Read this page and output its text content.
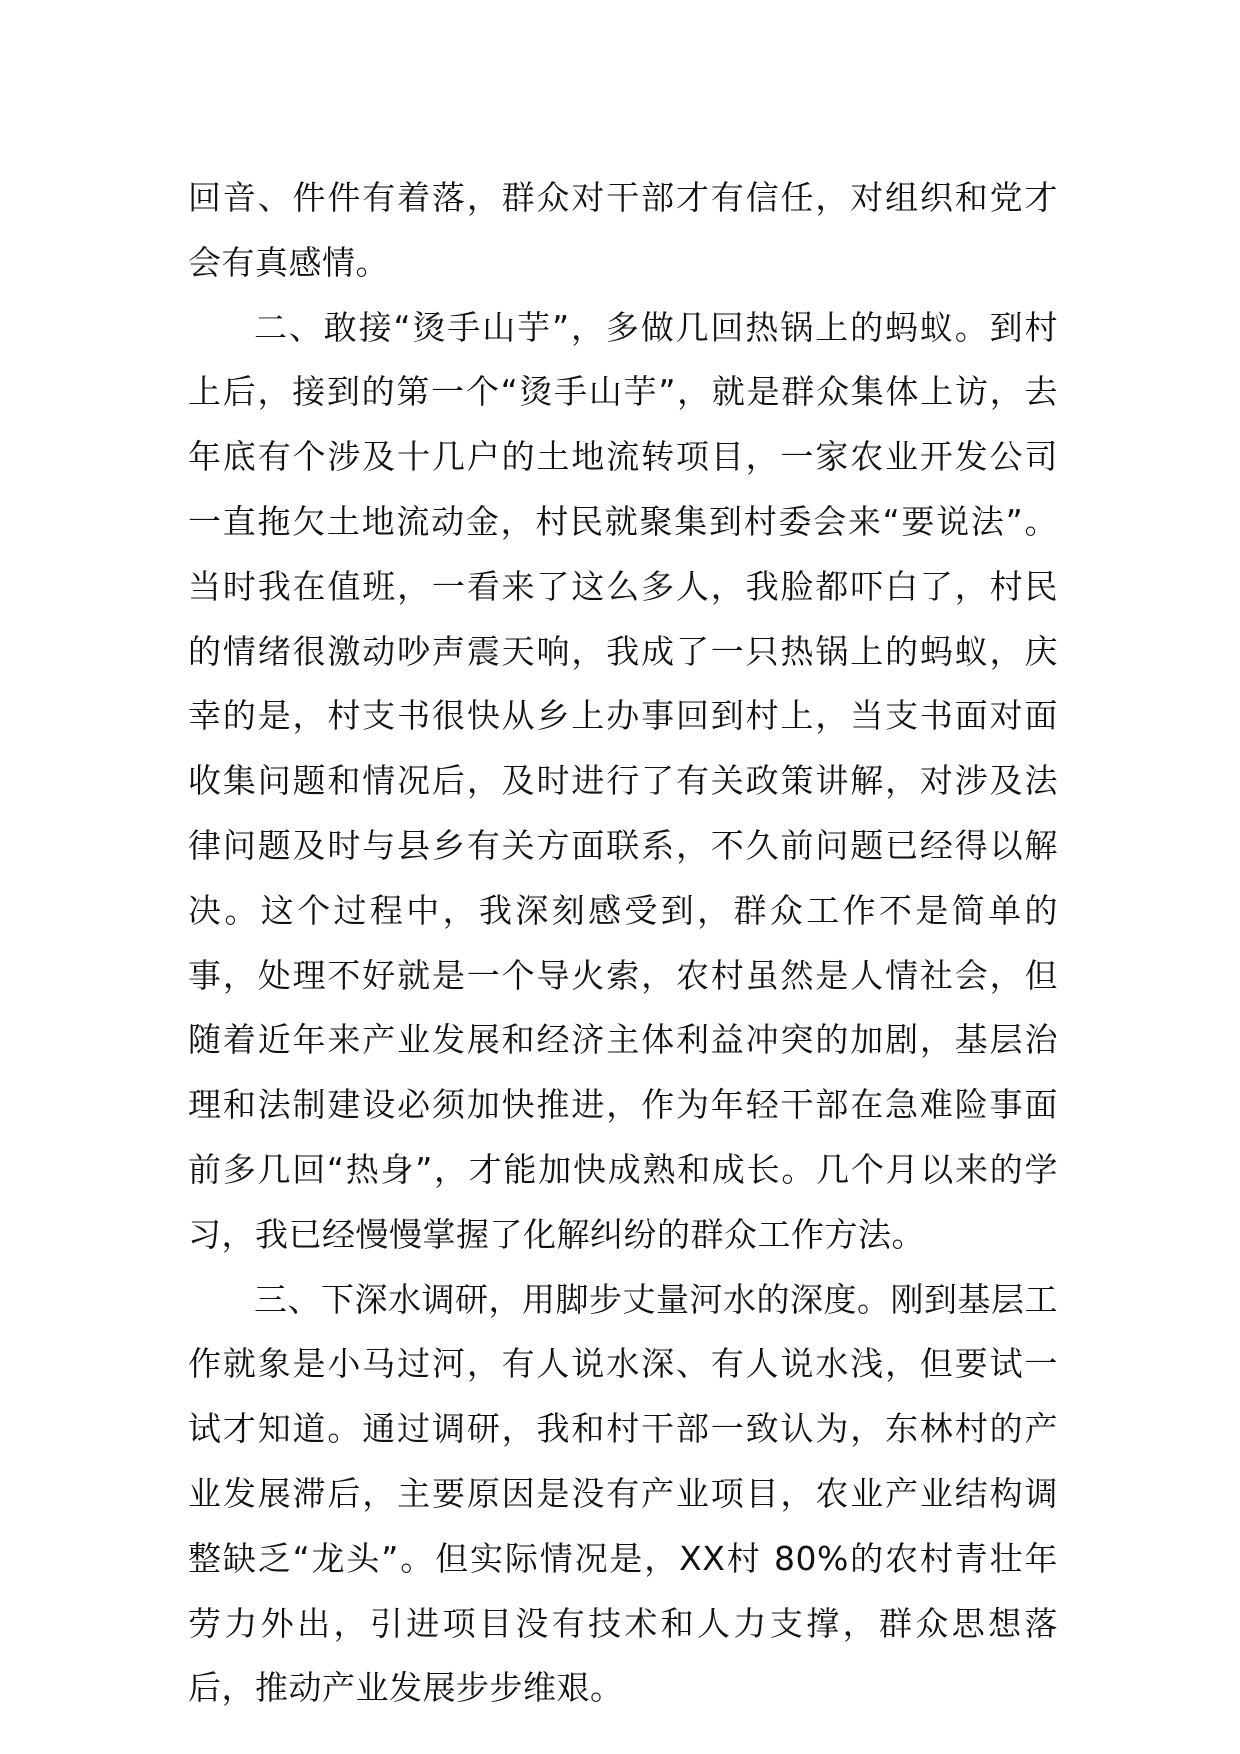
回音、件件有着落，群众对干部才有信任，对组织和党才会有真感情。

二、敢接“烫手山芋”，多做几回热锅上的蚂蚁。到村上后，接到的第一个“烫手山芋”，就是群众集体上访，去年底有个涉及十几户的土地流转项目，一家农业开发公司一直拖欠土地流动金，村民就聚集到村委会来“要说法”。当时我在值班，一看来了这么多人，我脸都吓白了，村民的情绪很激动吵声震天响，我成了一只热锅上的蚂蚁，庆幸的是，村支书很快从乡上办事回到村上，当支书面对面收集问题和情况后，及时进行了有关政策讲解，对涉及法律问题及时与县乡有关方面联系，不久前问题已经得以解决。这个过程中，我深刻感受到，群众工作不是简单的事，处理不好就是一个导火索，农村虽然是人情社会，但随着近年来产业发展和经济主体利益冲突的加剧，基层治理和法制建设必须加快推进，作为年轻干部在急难险事面前多几回“热身”，才能加快成熟和成长。几个月以来的学习，我已经慢慢掌握了化解纠纷的群众工作方法。

三、下深水调研，用脚步丈量河水的深度。刚到基层工作就象是小马过河，有人说水深、有人说水浅，但要试一试才知道。通过调研，我和村干部一致认为，东林村的产业发展滞后，主要原因是没有产业项目，农业产业结构调整缺乏“龙头”。但实际情况是，XX村 80%的农村青壮年劳力外出，引进项目没有技术和人力支撑，群众思想落后，推动产业发展步步维艰。
